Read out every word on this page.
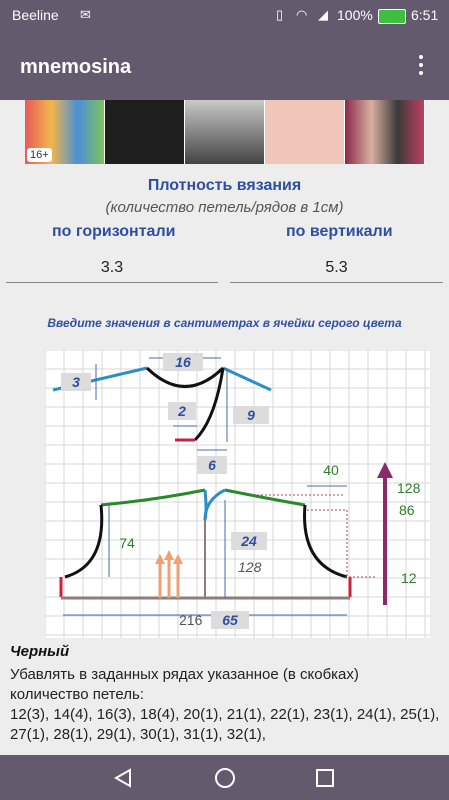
Beeline ✉	▯ ◠ ◢ 100%	6:51
mnemosina
16+
Плотность вязания
(количество петель/рядов в 1см)
по горизонтали	по вертикали
3.3	5.3
Введите значения в сантиметрах в ячейки серого цвета
16
3
2	9
6
24
65
40
74
128
216
128
86
12
Черный
Убавлять в заданных рядах указанное (в скобках) количество петель:
12(3), 14(4), 16(3), 18(4), 20(1), 21(1), 22(1), 23(1), 24(1), 25(1), 27(1), 28(1), 29(1), 30(1), 31(1), 32(1),
